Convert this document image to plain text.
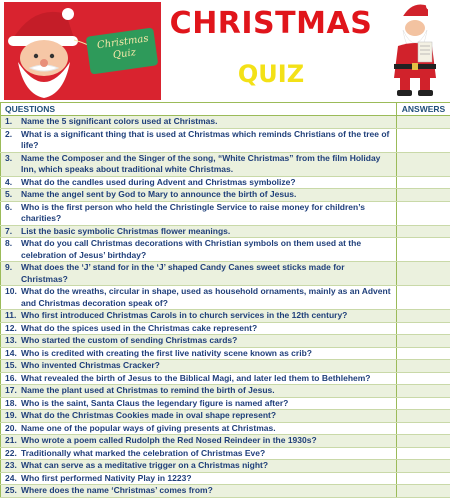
Christmas
Quiz
CHRISTMAS
QUIZ
QUESTIONS	ANSWERS

1. Name the 5 significant colors used at Christmas.	

2. What is a significant thing that is used at Christmas which reminds Christians of the tree of life?	

3. Name the Composer and the Singer of the song, “White Christmas” from the film Holiday Inn, which speaks about traditional white Christmas.	

4. What do the candles used during Advent and Christmas symbolize?	

5. Name the angel sent by God to Mary to announce the birth of Jesus.	

6. Who is the first person who held the Christingle Service to raise money for children’s charities?	

7. List the basic symbolic Christmas flower meanings.	

8. What do you call Christmas decorations with Christian symbols on them used at the celebration of Jesus’ birthday?	

9. What does the ‘J’ stand for in the ‘J’ shaped Candy Canes sweet sticks made for Christmas?	

10. What do the wreaths, circular in shape, used as household ornaments, mainly as an Advent and Christmas decoration speak of?	

11. Who first introduced Christmas Carols in to church services in the 12th century?	

12. What do the spices used in the Christmas cake represent?	

13. Who started the custom of sending Christmas cards?	

14. Who is credited with creating the first live nativity scene known as crib?	

15. Who invented Christmas Cracker?	

16. What revealed the birth of Jesus to the Biblical Magi, and later led them to Bethlehem?	

17. Name the plant used at Christmas to remind the birth of Jesus.	

18. Who is the saint, Santa Claus the legendary figure is named after?	

19. What do the Christmas Cookies made in oval shape represent?	

20. Name one of the popular ways of giving presents at Christmas.	

21. Who wrote a poem called Rudolph the Red Nosed Reindeer in the 1930s?	

22. Traditionally what marked the celebration of Christmas Eve?	

23. What can serve as a meditative trigger on a Christmas night?	

24. Who first performed Nativity Play in 1223?	

25. Where does the name ‘Christmas’ comes from?	
